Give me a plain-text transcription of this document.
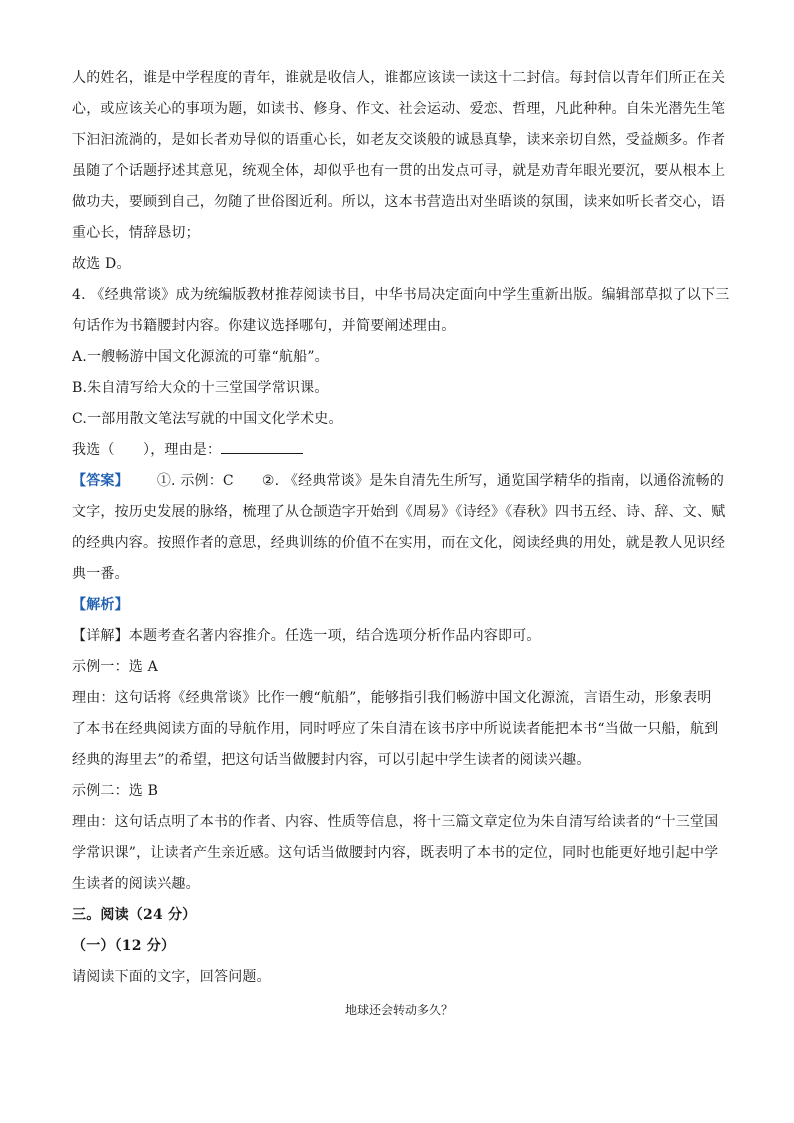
人的姓名，谁是中学程度的青年，谁就是收信人，谁都应该读一读这十二封信。每封信以青年们所正在关
心，或应该关心的事项为题，如读书、修身、作文、社会运动、爱恋、哲理，凡此种种。自朱光潜先生笔
下汩汩流淌的，是如长者劝导似的语重心长，如老友交谈般的诚恳真挚，读来亲切自然，受益颇多。作者
虽随了个话题抒述其意见，统观全体，却似乎也有一贯的出发点可寻，就是劝青年眼光要沉，要从根本上
做功夫，要顾到自己，勿随了世俗图近利。所以，这本书营造出对坐晤谈的氛围，读来如听长者交心，语
重心长，情辞恳切；
故选 D。
4. 《经典常谈》成为统编版教材推荐阅读书目，中华书局决定面向中学生重新出版。编辑部草拟了以下三
句话作为书籍腰封内容。你建议选择哪句，并简要阐述理由。
A.一艘畅游中国文化源流的可靠“航船”。
B.朱自清写给大众的十三堂国学常识课。
C.一部用散文笔法写就的中国文化学术史。
我选（　　），理由是：
【答案】 ①. 示例：C ②. 《经典常谈》是朱自清先生所写，通览国学精华的指南，以通俗流畅的
文字，按历史发展的脉络，梳理了从仓颉造字开始到《周易》《诗经》《春秋》四书五经、诗、辞、文、赋
的经典内容。按照作者的意思，经典训练的价值不在实用，而在文化，阅读经典的用处，就是教人见识经
典一番。
【解析】
【详解】本题考查名著内容推介。任选一项，结合选项分析作品内容即可。
示例一：选 A
理由：这句话将《经典常谈》比作一艘“航船”，能够指引我们畅游中国文化源流，言语生动，形象表明
了本书在经典阅读方面的导航作用，同时呼应了朱自清在该书序中所说读者能把本书“当做一只船，航到
经典的海里去”的希望，把这句话当做腰封内容，可以引起中学生读者的阅读兴趣。
示例二：选 B
理由：这句话点明了本书的作者、内容、性质等信息，将十三篇文章定位为朱自清写给读者的“十三堂国
学常识课”，让读者产生亲近感。这句话当做腰封内容，既表明了本书的定位，同时也能更好地引起中学
生读者的阅读兴趣。
三。阅读（24 分）
（一）（12 分）
请阅读下面的文字，回答问题。
地球还会转动多久？
